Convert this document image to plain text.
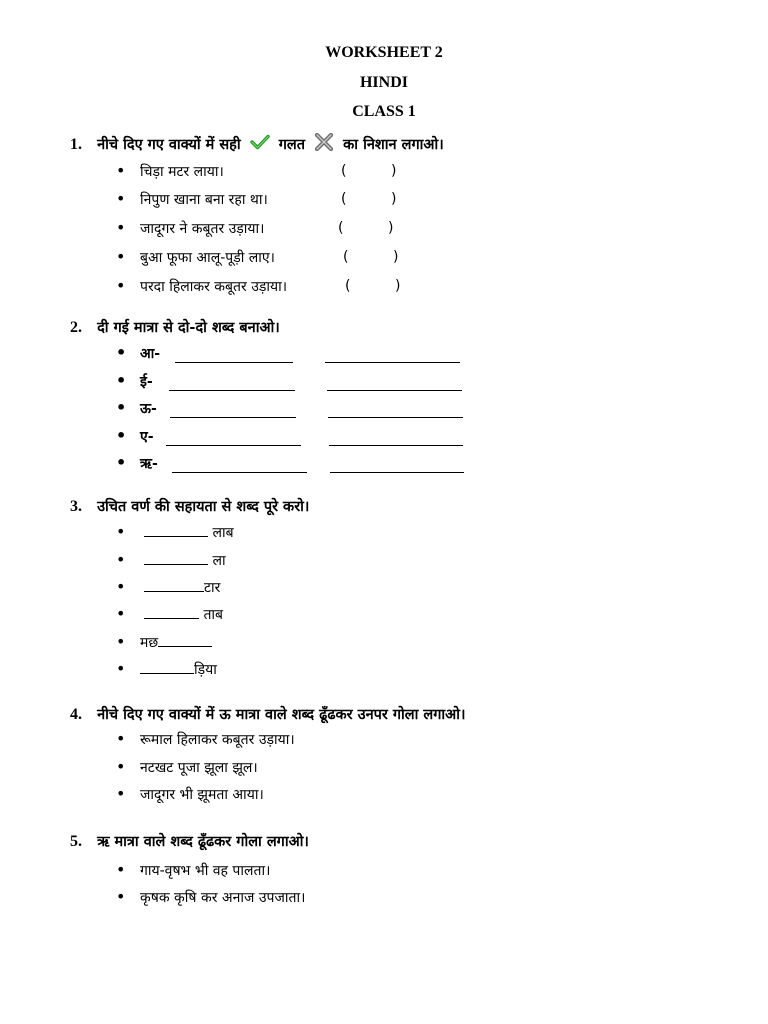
WORKSHEET 2
HINDI
CLASS 1
1. नीचे दिए गए वाक्यों में सही	गलत	का निशान लगाओ।
• चिड़ा मटर लाया।	(          )
• निपुण खाना बना रहा था।	(          )
• जादूगर ने कबूतर उड़ाया।	(          )
• बुआ फूफा आलू-पूड़ी लाए।	(          )
• परदा हिलाकर कबूतर उड़ाया।	(          )
2. दी गई मात्रा से दो-दो शब्द बनाओ।
• आ-
• ई-
• ऊ-
• ए-
• ऋ-
3. उचित वर्ण की सहायता से शब्द पूरे करो।
•	लाब
•	ला
•	टार
•	ताब
• मछ
•	ड़िया
4. नीचे दिए गए वाक्यों में ऊ मात्रा वाले शब्द ढूँढकर उनपर गोला लगाओ।
• रूमाल हिलाकर कबूतर उड़ाया।
• नटखट पूजा झूला झूल।
• जादूगर भी झूमता आया।
5. ऋ मात्रा वाले शब्द ढूँढकर गोला लगाओ।
• गाय-वृषभ भी वह पालता।
• कृषक कृषि कर अनाज उपजाता।
